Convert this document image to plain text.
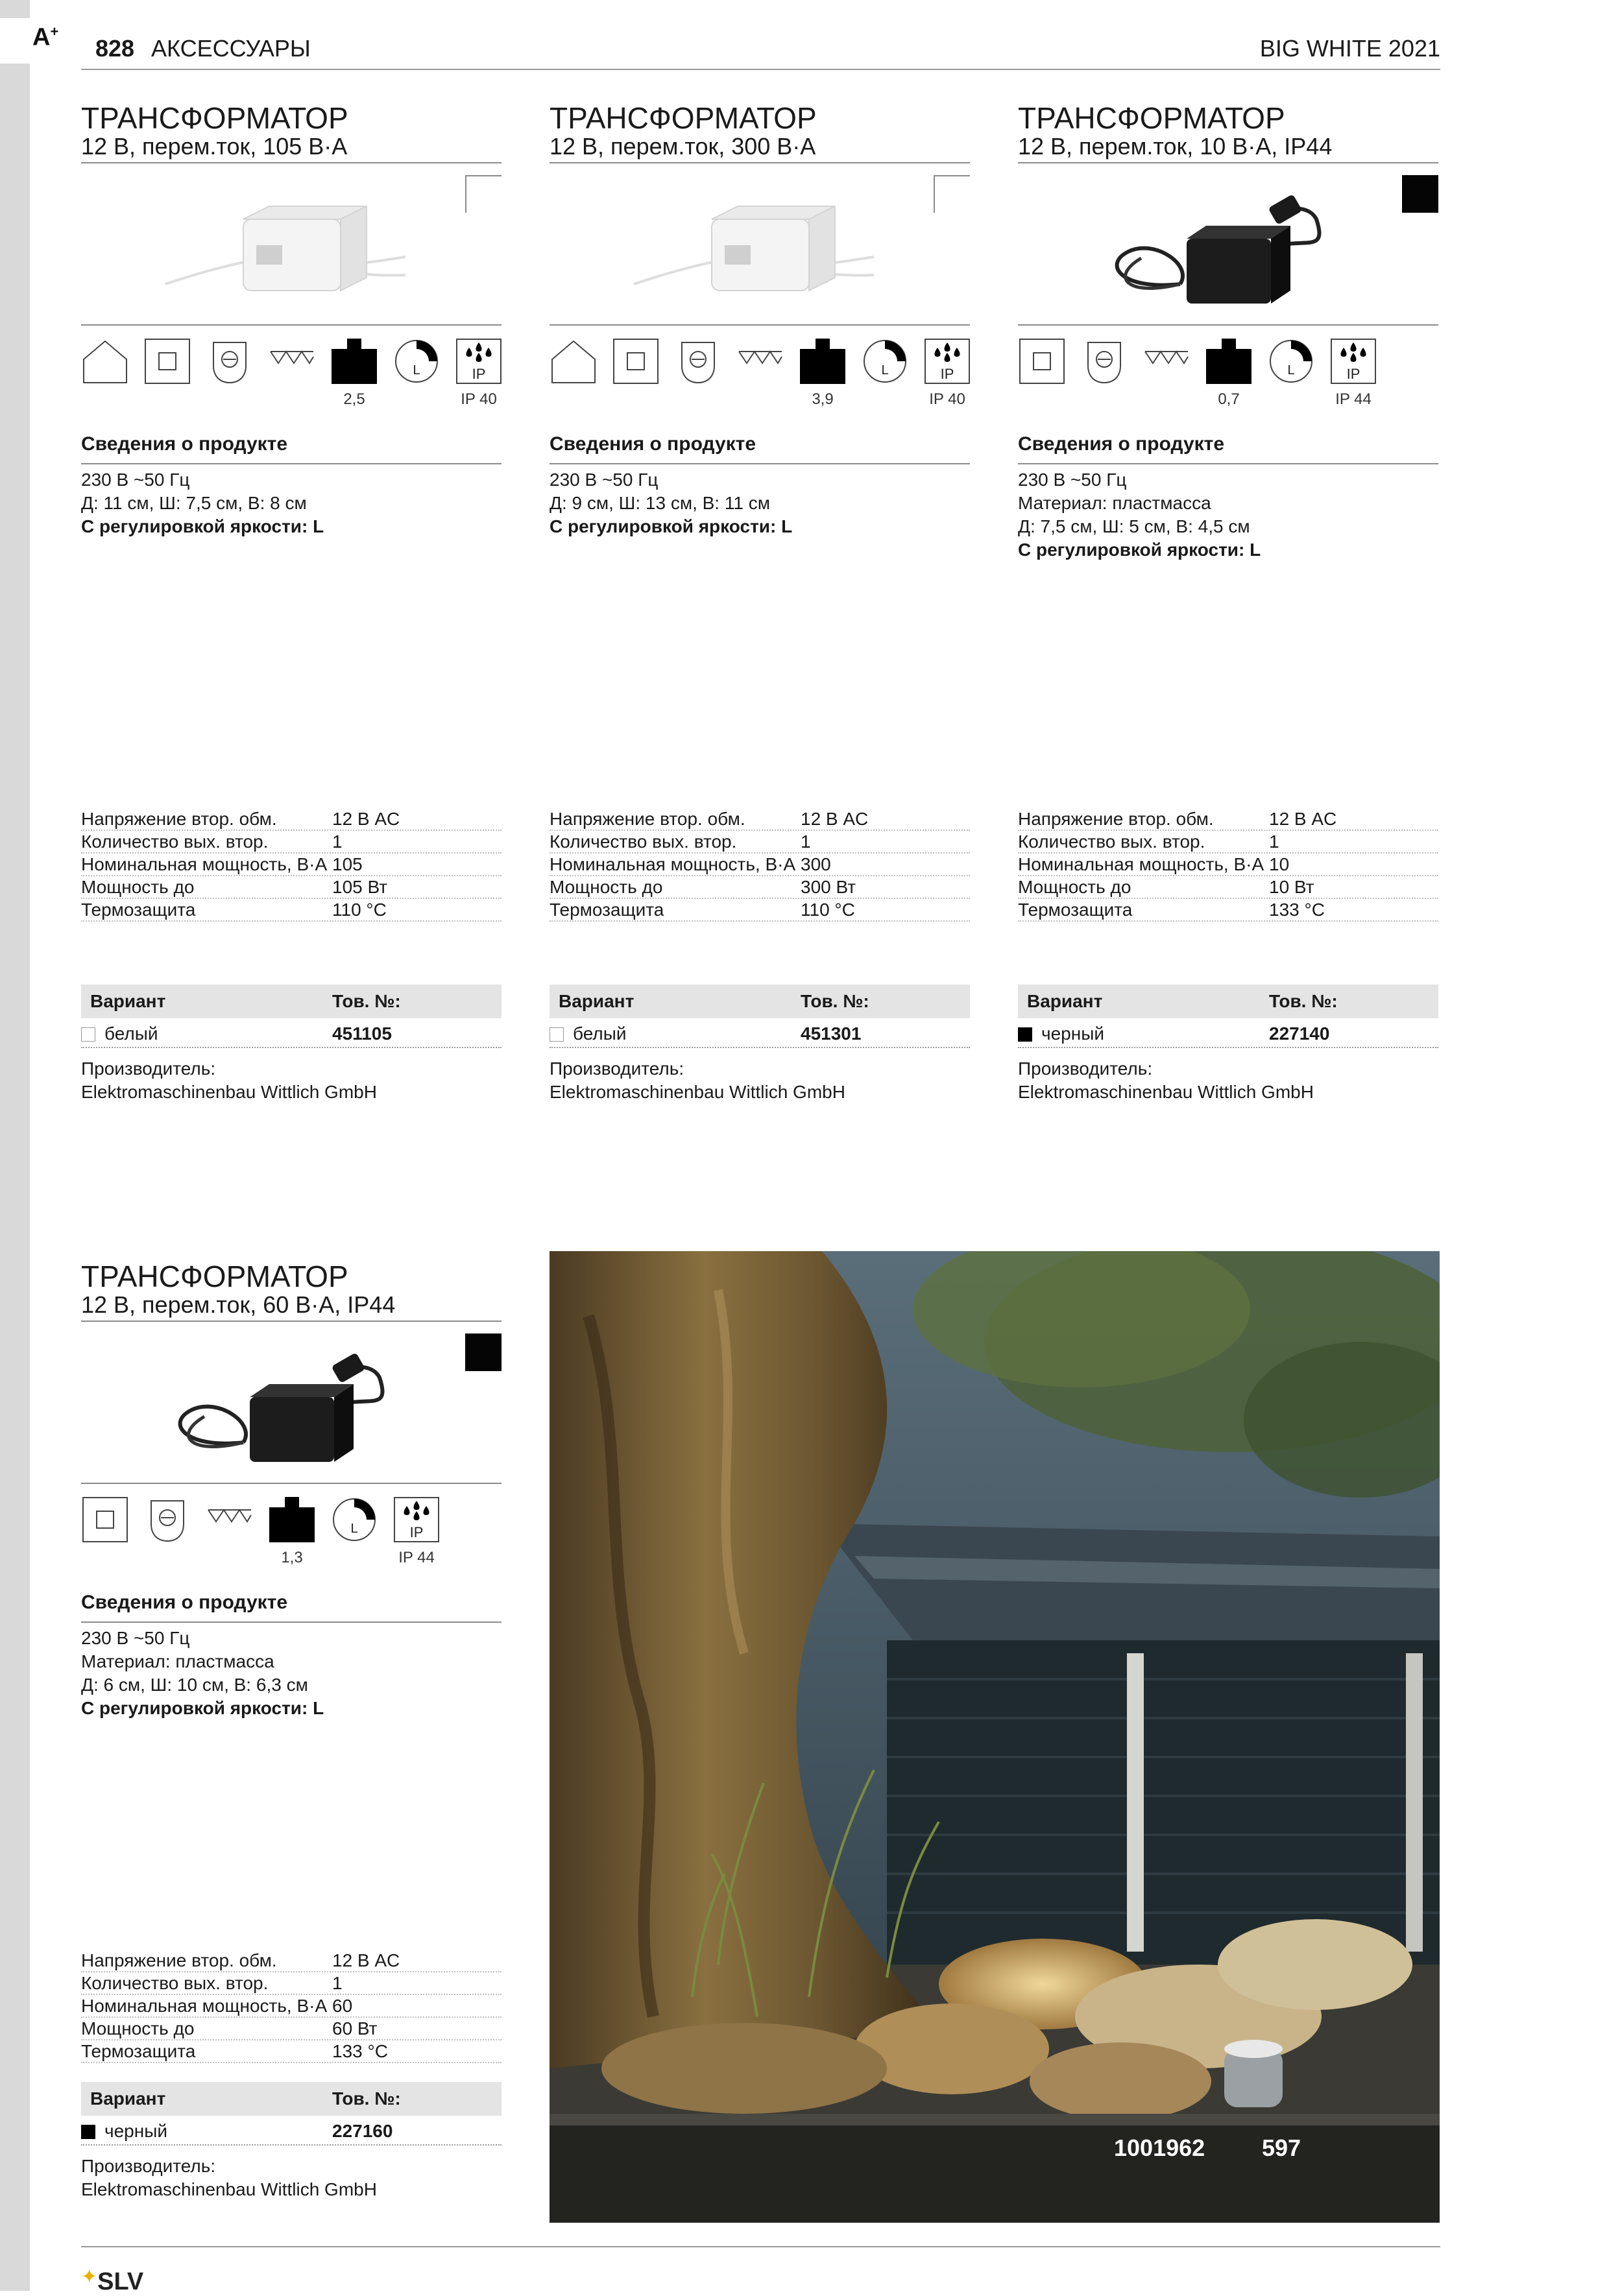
A+
828 АКСЕССУАРЫ	BIG WHITE 2021

ТРАНСФОРМАТОР

12 В, перем.ток, 105 В·А

2,5
L	IP
IP 40
Сведения о продукте
230 В ~50 Гц
Д: 11 см, Ш: 7,5 см, В: 8 см
С регулировкой яркости: L
Напряжение втор. обм.	12 В AC
Количество вых. втор.	1
Номинальная мощность, В·А 105
Мощность до	105 Вт
Термозащита	110 °C
Вариант	Тов. №:
белый	451105
Производитель:
Elektromaschinenbau Wittlich GmbH

ТРАНСФОРМАТОР

12 В, перем.ток, 300 В·А

3,9
L	IP
IP 40
Сведения о продукте
230 В ~50 Гц
Д: 9 см, Ш: 13 см, В: 11 см
С регулировкой яркости: L
Напряжение втор. обм.	12 В AC
Количество вых. втор.	1
Номинальная мощность, В·А 300
Мощность до	300 Вт
Термозащита	110 °C
Вариант	Тов. №:
белый	451301
Производитель:
Elektromaschinenbau Wittlich GmbH

ТРАНСФОРМАТОР

12 В, перем.ток, 10 В·А, IP44

0,7
L	IP
IP 44
Сведения о продукте
230 В ~50 Гц
Материал: пластмасса
Д: 7,5 см, Ш: 5 см, В: 4,5 см
С регулировкой яркости: L
Напряжение втор. обм.	12 В AC
Количество вых. втор.	1
Номинальная мощность, В·А 10
Мощность до	10 Вт
Термозащита	133 °C
Вариант	Тов. №:
черный	227140
Производитель:
Elektromaschinenbau Wittlich GmbH

ТРАНСФОРМАТОР

12 В, перем.ток, 60 В·А, IP44

1,3
L	IP
IP 44
Сведения о продукте
230 В ~50 Гц
Материал: пластмасса
Д: 6 см, Ш: 10 см, В: 6,3 см
С регулировкой яркости: L
Напряжение втор. обм.	12 В AC
Количество вых. втор.	1
Номинальная мощность, В·А 60
Мощность до	60 Вт
Термозащита	133 °C
Вариант	Тов. №:
черный	227160
Производитель:
Elektromaschinenbau Wittlich GmbH
1001962 597
✦SLV
